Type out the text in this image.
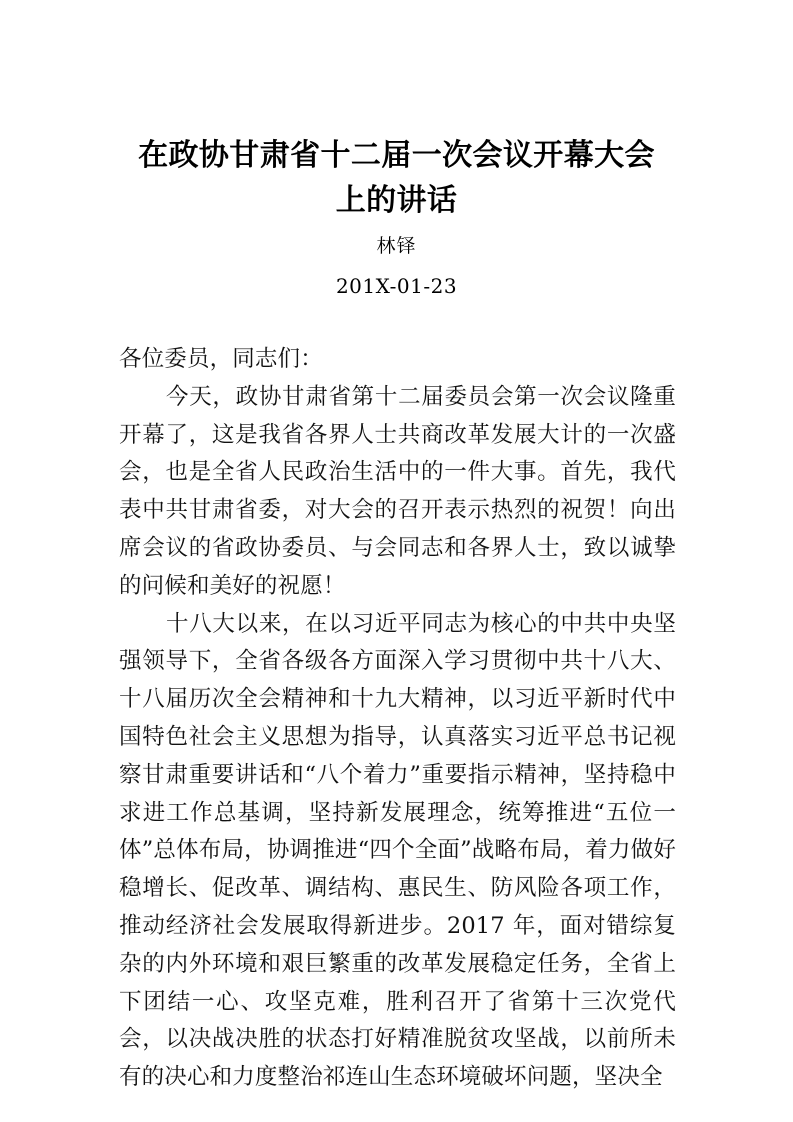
在政协甘肃省十二届一次会议开幕大会上的讲话
林铎
201X-01-23

各位委员，同志们：

今天，政协甘肃省第十二届委员会第一次会议隆重开幕了，这是我省各界人士共商改革发展大计的一次盛会，也是全省人民政治生活中的一件大事。首先，我代表中共甘肃省委，对大会的召开表示热烈的祝贺！向出席会议的省政协委员、与会同志和各界人士，致以诚挚的问候和美好的祝愿！

十八大以来，在以习近平同志为核心的中共中央坚强领导下，全省各级各方面深入学习贯彻中共十八大、十八届历次全会精神和十九大精神，以习近平新时代中国特色社会主义思想为指导，认真落实习近平总书记视察甘肃重要讲话和“八个着力”重要指示精神，坚持稳中求进工作总基调，坚持新发展理念，统筹推进“五位一体”总体布局，协调推进“四个全面”战略布局，着力做好稳增长、促改革、调结构、惠民生、防风险各项工作，推动经济社会发展取得新进步。2017 年，面对错综复杂的内外环境和艰巨繁重的改革发展稳定任务，全省上下团结一心、攻坚克难，胜利召开了省第十三次党代会，以决战决胜的状态打好精准脱贫攻坚战，以前所未有的决心和力度整治祁连山生态环境破坏问题，坚决全
